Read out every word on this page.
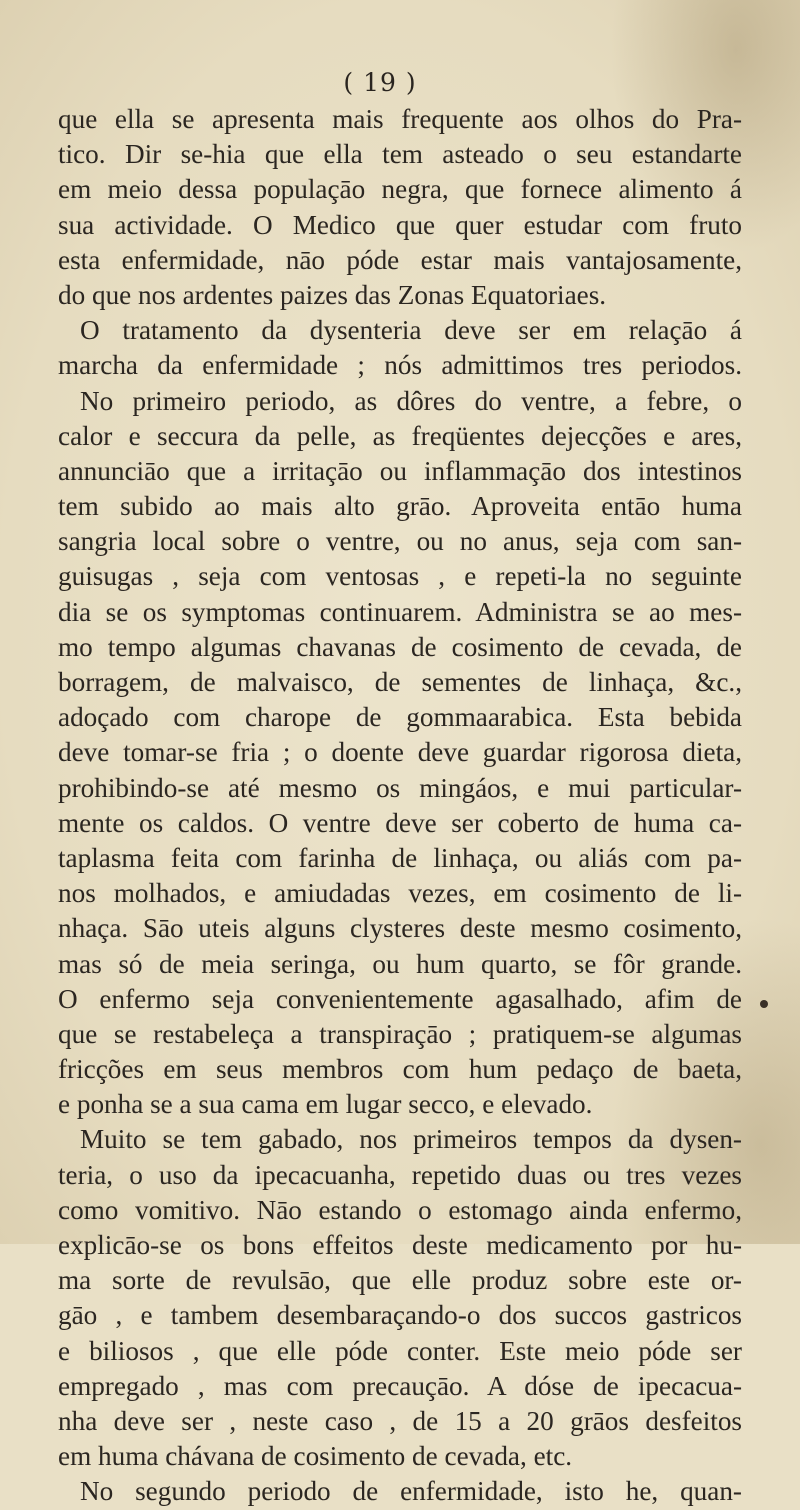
( 19 )
que ella se apresenta mais frequente aos olhos do Pra-
tico. Dir se-hia que ella tem asteado o seu estandarte
em meio dessa populaçāo negra, que fornece alimento á
sua actividade. O Medico que quer estudar com fruto
esta enfermidade, nāo póde estar mais vantajosamente,
do que nos ardentes paizes das Zonas Equatoriaes.
O tratamento da dysenteria deve ser em relaçāo á
marcha da enfermidade ; nós admittimos tres periodos.
No primeiro periodo, as dôres do ventre, a febre, o
calor e seccura da pelle, as freqüentes dejecções e ares,
annunciāo que a irritaçāo ou inflammaçāo dos intestinos
tem subido ao mais alto grāo. Aproveita entāo huma
sangria local sobre o ventre, ou no anus, seja com san-
guisugas , seja com ventosas , e repeti-la no seguinte
dia se os symptomas continuarem. Administra se ao mes-
mo tempo algumas chavanas de cosimento de cevada, de
borragem, de malvaisco, de sementes de linhaça, &c.,
adoçado com charope de gommaarabica. Esta bebida
deve tomar-se fria ; o doente deve guardar rigorosa dieta,
prohibindo-se até mesmo os mingáos, e mui particular-
mente os caldos. O ventre deve ser coberto de huma ca-
taplasma feita com farinha de linhaça, ou aliás com pa-
nos molhados, e amiudadas vezes, em cosimento de li-
nhaça. Sāo uteis alguns clysteres deste mesmo cosimento,
mas só de meia seringa, ou hum quarto, se fôr grande.
O enfermo seja convenientemente agasalhado, afim de
que se restabeleça a transpiraçāo ; pratiquem-se algumas
fricções em seus membros com hum pedaço de baeta,
e ponha se a sua cama em lugar secco, e elevado.
Muito se tem gabado, nos primeiros tempos da dysen-
teria, o uso da ipecacuanha, repetido duas ou tres vezes
como vomitivo. Nāo estando o estomago ainda enfermo,
explicāo-se os bons effeitos deste medicamento por hu-
ma sorte de revulsāo, que elle produz sobre este or-
gāo , e tambem desembaraçando-o dos succos gastricos
e biliosos , que elle póde conter. Este meio póde ser
empregado , mas com precauçāo. A dóse de ipecacua-
nha deve ser , neste caso , de 15 a 20 grāos desfeitos
em huma chávana de cosimento de cevada, etc.
No segundo periodo de enfermidade, isto he, quan-
